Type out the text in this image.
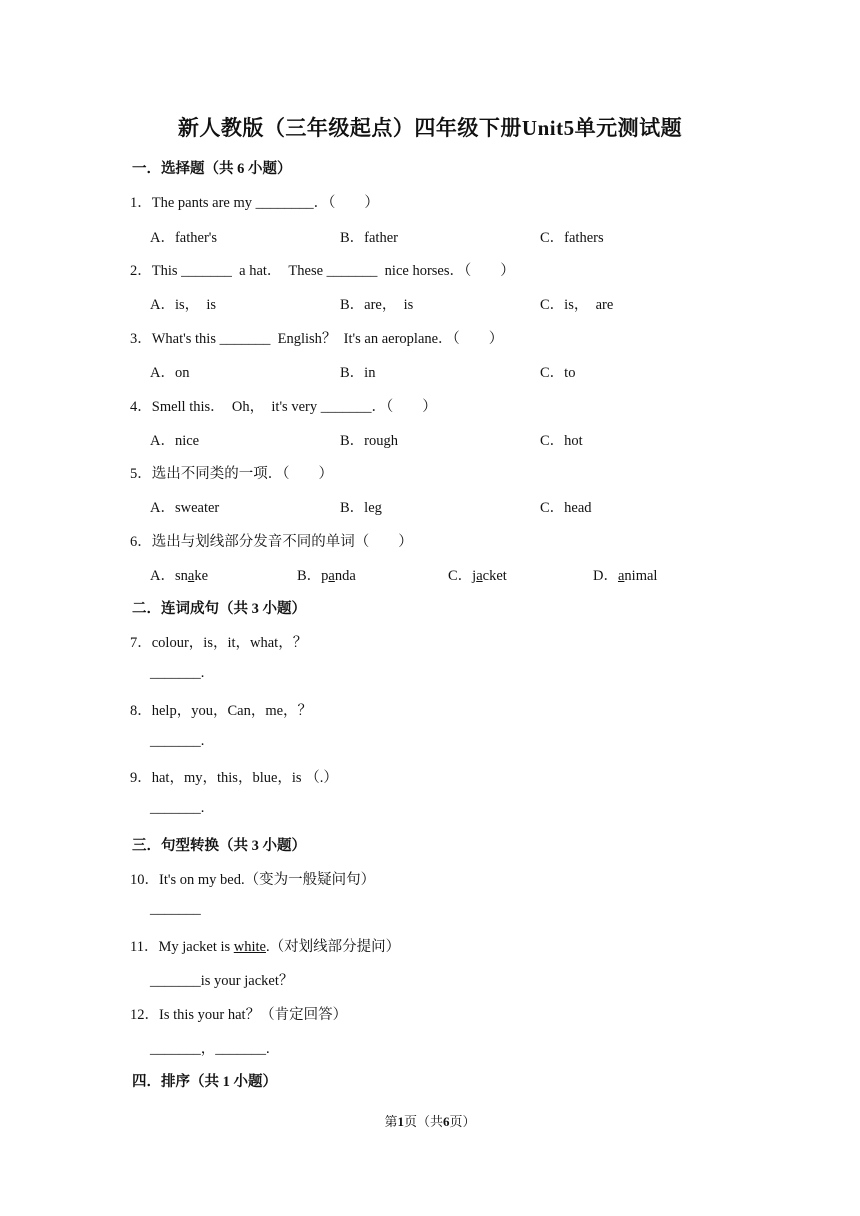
新人教版（三年级起点）四年级下册Unit5单元测试题
一．选择题（共 6 小题）
1．The pants are my ________．（　　）
A．father's	B．father	C．fathers
2．This _______  a hat．  These _______  nice horses．（　　）
A．is，  is	B．are，  is	C．is，  are
3．What's this _______  English？  It's an aeroplane．（　　）
A．on	B．in	C．to
4．Smell this．  Oh，  it's very _______．（　　）
A．nice	B．rough	C．hot
5．选出不同类的一项．（　　）
A．sweater	B．leg	C．head
6．选出与划线部分发音不同的单词（　　）
A．snake	B．panda	C．jacket	D．animal
二．连词成句（共 3 小题）
7．colour，is，it，what，？
_______.
8．help，you，Can，me，？
_______.
9．hat，my，this，blue，is （.）
_______.
三．句型转换（共 3 小题）
10．It's on my bed.（变为一般疑问句）
_______
11．My jacket is white.（对划线部分提问）
_______is your jacket？
12．Is this your hat？（肯定回答）
_______，_______.
四．排序（共 1 小题）
第1页（共6页）
